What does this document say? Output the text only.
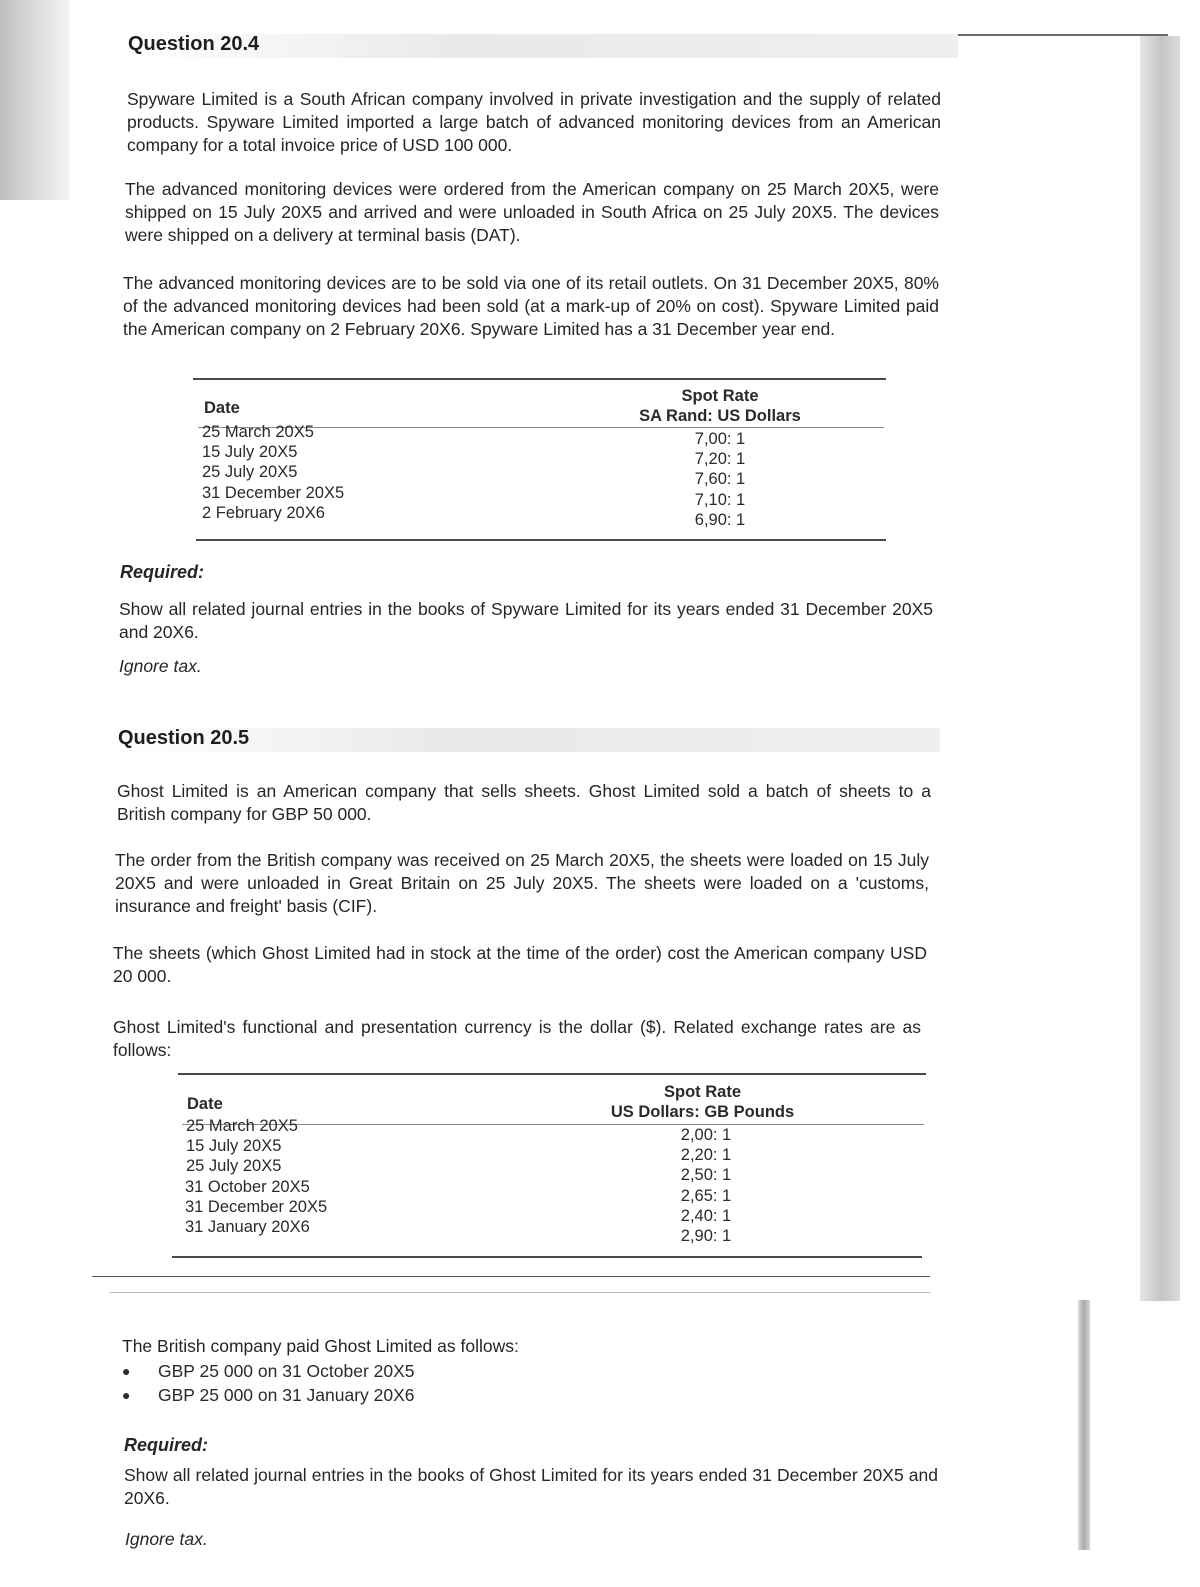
Question 20.4
Spyware Limited is a South African company involved in private investigation and the supply of related products. Spyware Limited imported a large batch of advanced monitoring devices from an American company for a total invoice price of USD 100 000.
The advanced monitoring devices were ordered from the American company on 25 March 20X5, were shipped on 15 July 20X5 and arrived and were unloaded in South Africa on 25 July 20X5. The devices were shipped on a delivery at terminal basis (DAT).
The advanced monitoring devices are to be sold via one of its retail outlets. On 31 December 20X5, 80% of the advanced monitoring devices had been sold (at a mark-up of 20% on cost). Spyware Limited paid the American company on 2 February 20X6. Spyware Limited has a 31 December year end.
Date
Spot Rate
SA Rand: US Dollars
25 March 20X5
15 July 20X5
25 July 20X5
31 December 20X5
2 February 20X6
7,00: 1
7,20: 1
7,60: 1
7,10: 1
6,90: 1
Required:
Show all related journal entries in the books of Spyware Limited for its years ended 31 December 20X5 and 20X6.
Ignore tax.
Question 20.5
Ghost Limited is an American company that sells sheets. Ghost Limited sold a batch of sheets to a British company for GBP 50 000.
The order from the British company was received on 25 March 20X5, the sheets were loaded on 15 July 20X5 and were unloaded in Great Britain on 25 July 20X5. The sheets were loaded on a 'customs, insurance and freight' basis (CIF).
The sheets (which Ghost Limited had in stock at the time of the order) cost the American company USD 20 000.
Ghost Limited's functional and presentation currency is the dollar ($). Related exchange rates are as follows:
Date
Spot Rate
US Dollars: GB Pounds
25 March 20X5
15 July 20X5
25 July 20X5
31 October 20X5
31 December 20X5
31 January 20X6
2,00: 1
2,20: 1
2,50: 1
2,65: 1
2,40: 1
2,90: 1
The British company paid Ghost Limited as follows:
●	GBP 25 000 on 31 October 20X5
●	GBP 25 000 on 31 January 20X6
Required:
Show all related journal entries in the books of Ghost Limited for its years ended 31 December 20X5 and 20X6.
Ignore tax.
